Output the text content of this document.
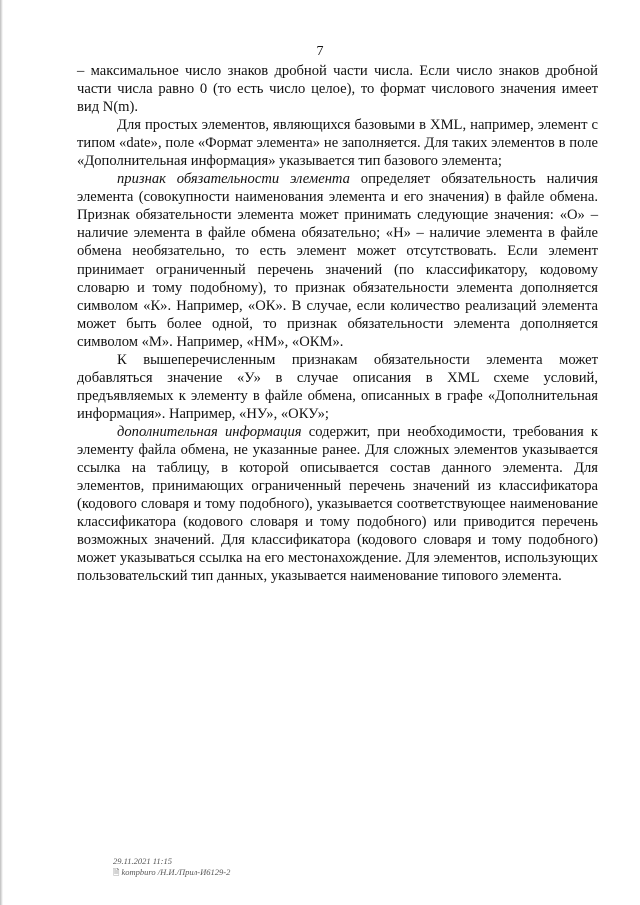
7

– максимальное число знаков дробной части числа. Если число знаков дробной части числа равно 0 (то есть число целое), то формат числового значения имеет вид N(m).

Для простых элементов, являющихся базовыми в XML, например, элемент с типом «date», поле «Формат элемента» не заполняется. Для таких элементов в поле «Дополнительная информация» указывается тип базового элемента;

признак обязательности элемента определяет обязательность наличия элемента (совокупности наименования элемента и его значения) в файле обмена. Признак обязательности элемента может принимать следующие значения: «О» – наличие элемента в файле обмена обязательно; «Н» – наличие элемента в файле обмена необязательно, то есть элемент может отсутствовать. Если элемент принимает ограниченный перечень значений (по классификатору, кодовому словарю и тому подобному), то признак обязательности элемента дополняется символом «К». Например, «ОК». В случае, если количество реализаций элемента может быть более одной, то признак обязательности элемента дополняется символом «М». Например, «НМ», «ОКМ».

К вышеперечисленным признакам обязательности элемента может добавляться значение «У» в случае описания в XML схеме условий, предъявляемых к элементу в файле обмена, описанных в графе «Дополнительная информация». Например, «НУ», «ОКУ»;

дополнительная информация содержит, при необходимости, требования к элементу файла обмена, не указанные ранее. Для сложных элементов указывается ссылка на таблицу, в которой описывается состав данного элемента. Для элементов, принимающих ограниченный перечень значений из классификатора (кодового словаря и тому подобного), указывается соответствующее наименование классификатора (кодового словаря и тому подобного) или приводится перечень возможных значений. Для классификатора (кодового словаря и тому подобного) может указываться ссылка на его местонахождение. Для элементов, использующих пользовательский тип данных, указывается наименование типового элемента.

29.11.2021 11:15
🗎 kompburo /Н.И./Прил-И6129-2
